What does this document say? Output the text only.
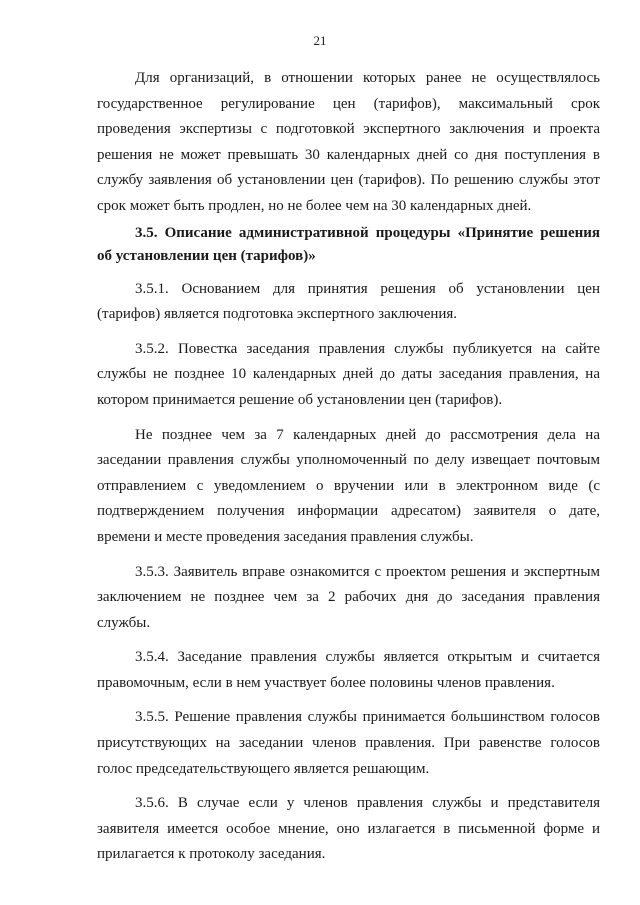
21

Для организаций, в отношении которых ранее не осуществлялось государственное регулирование цен (тарифов), максимальный срок проведения экспертизы с подготовкой экспертного заключения и проекта решения не может превышать 30 календарных дней со дня поступления в службу заявления об установлении цен (тарифов). По решению службы этот срок может быть продлен, но не более чем на 30 календарных дней.

3.5. Описание административной процедуры «Принятие решения об установлении цен (тарифов)»

3.5.1. Основанием для принятия решения об установлении цен (тарифов) является подготовка экспертного заключения.

3.5.2. Повестка заседания правления службы публикуется на сайте службы не позднее 10 календарных дней до даты заседания правления, на котором принимается решение об установлении цен (тарифов).

Не позднее чем за 7 календарных дней до рассмотрения дела на заседании правления службы уполномоченный по делу извещает почтовым отправлением с уведомлением о вручении или в электронном виде (с подтверждением получения информации адресатом) заявителя о дате, времени и месте проведения заседания правления службы.

3.5.3. Заявитель вправе ознакомится с проектом решения и экспертным заключением не позднее чем за 2 рабочих дня до заседания правления службы.

3.5.4. Заседание правления службы является открытым и считается правомочным, если в нем участвует более половины членов правления.

3.5.5. Решение правления службы принимается большинством голосов присутствующих на заседании членов правления. При равенстве голосов голос председательствующего является решающим.

3.5.6. В случае если у членов правления службы и представителя заявителя имеется особое мнение, оно излагается в письменной форме и прилагается к протоколу заседания.
